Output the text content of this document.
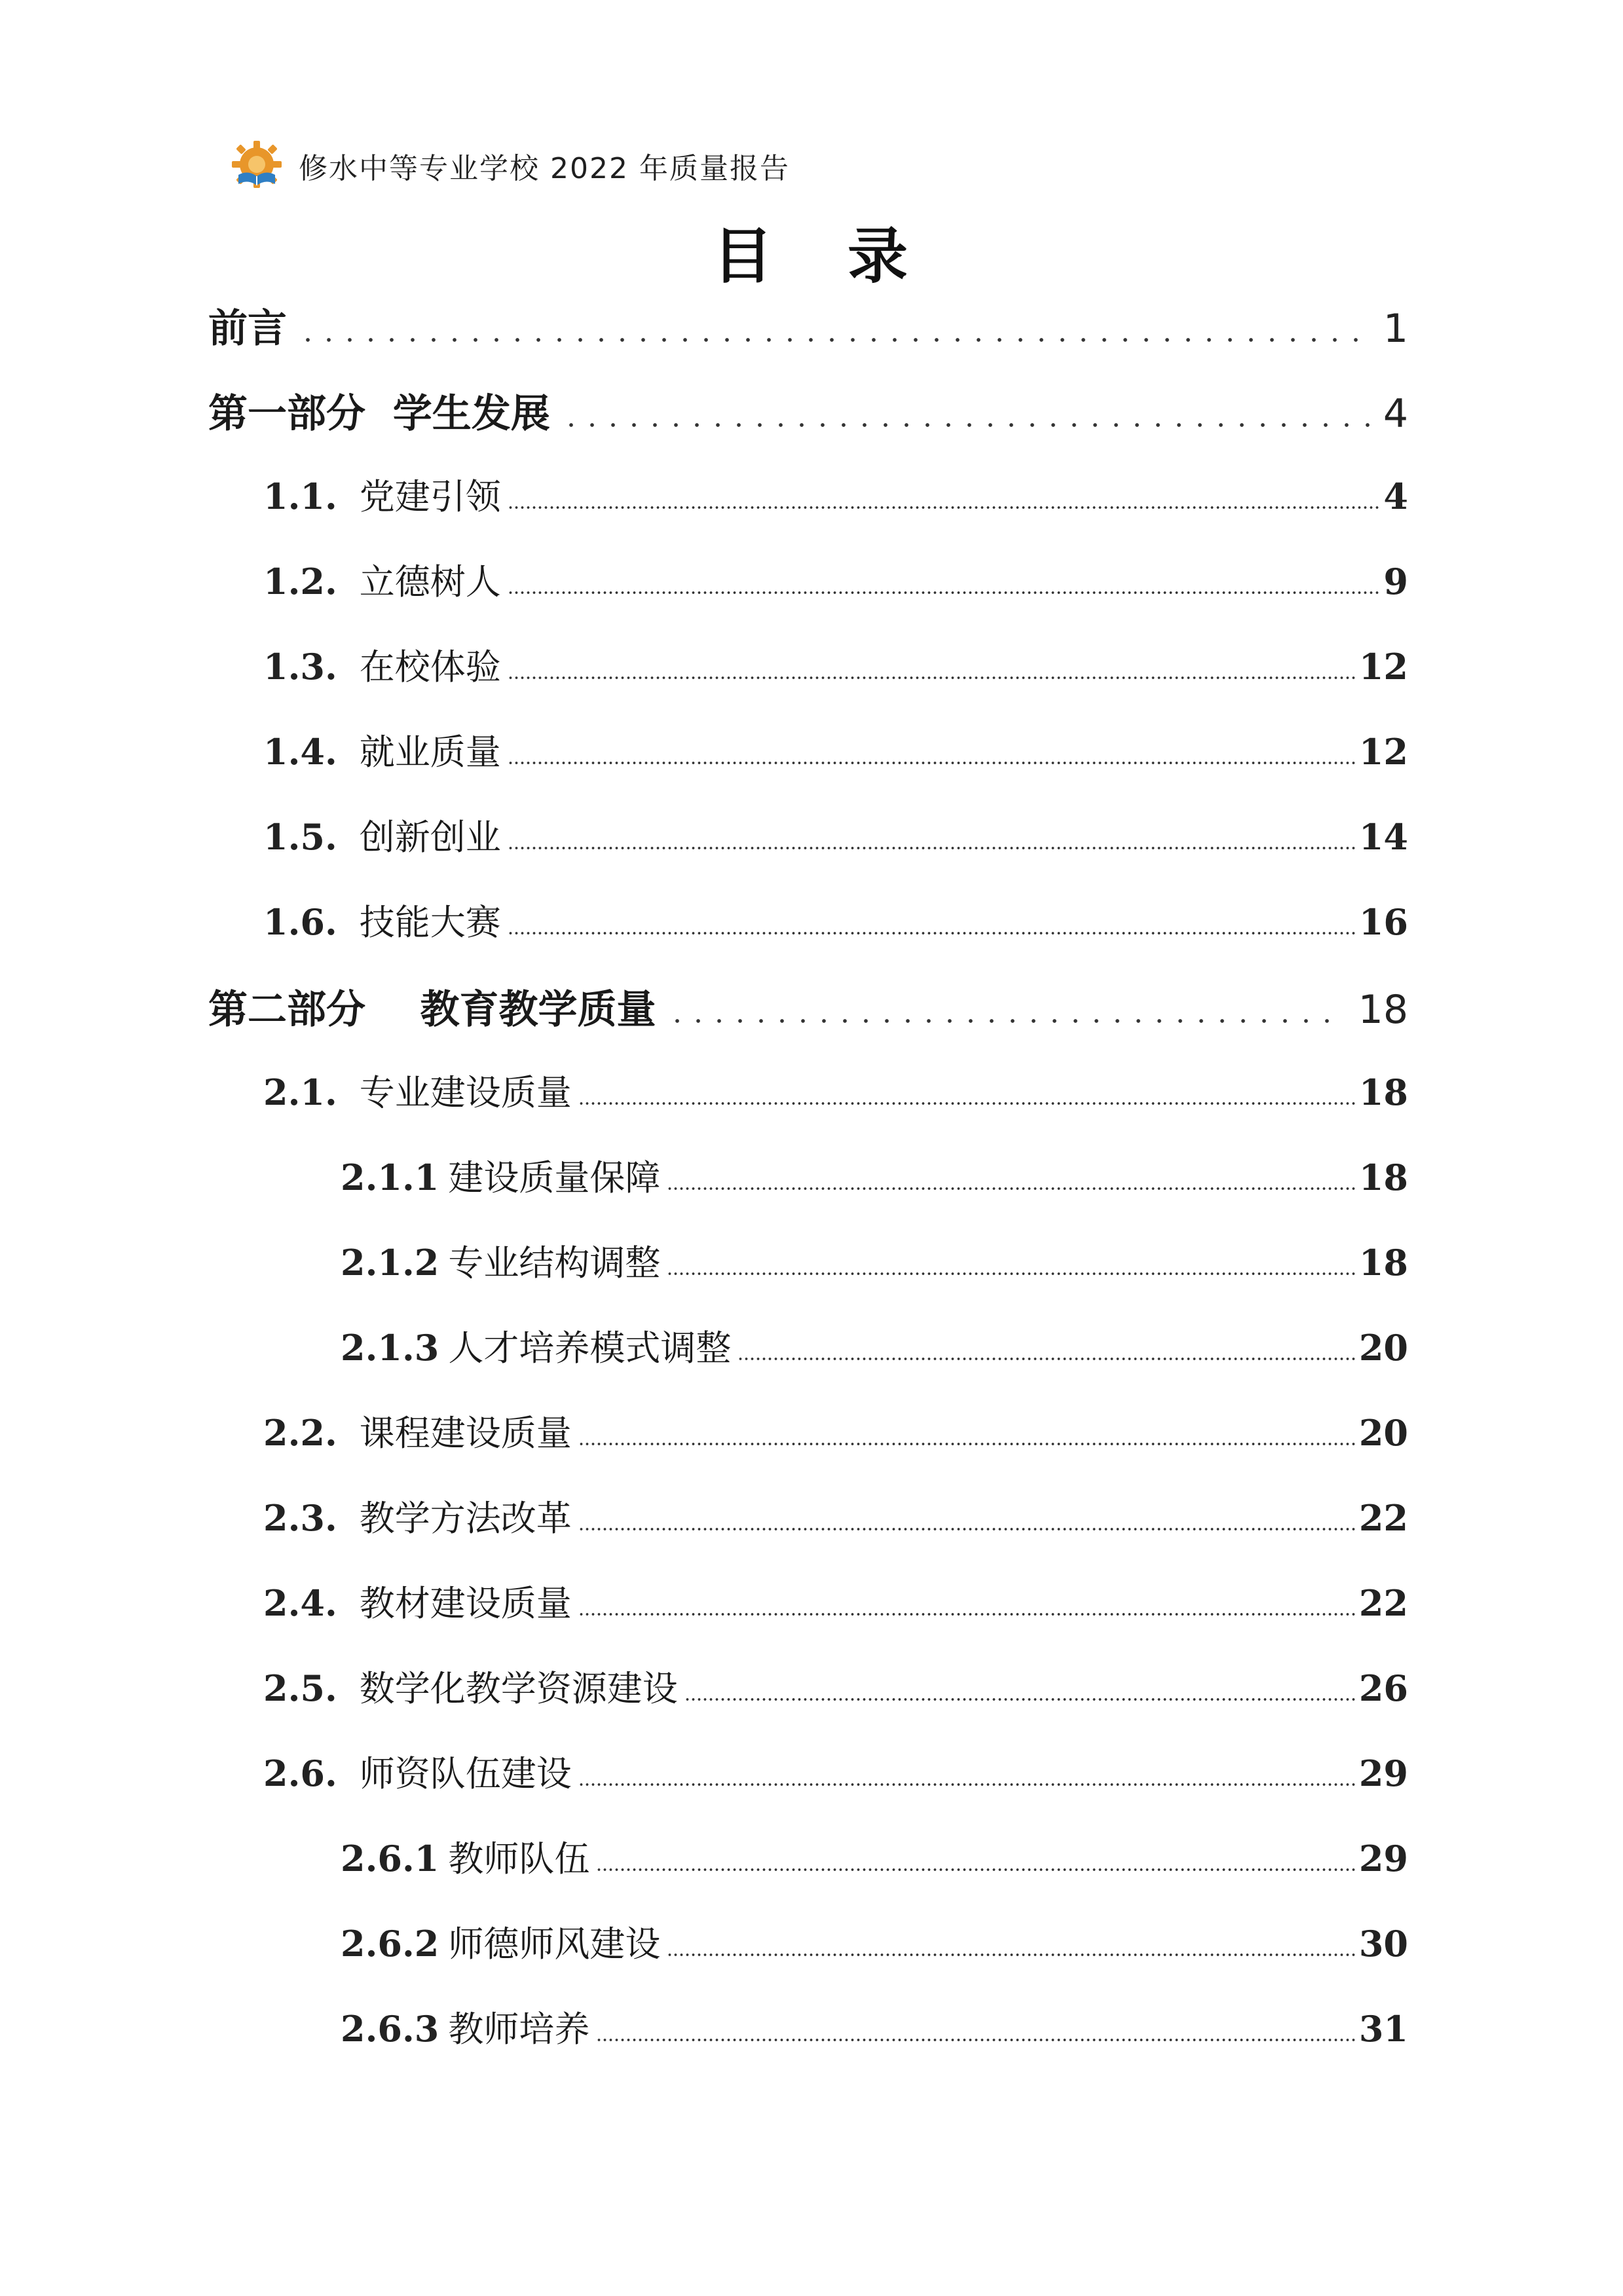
修水中等专业学校 2022 年质量报告
目 录
前言	1
第一部分  学生发展	4
1.1. 党建引领	4
1.2. 立德树人	9
1.3. 在校体验	12
1.4. 就业质量	12
1.5. 创新创业	14
1.6. 技能大赛	16
第二部分    教育教学质量	18
2.1. 专业建设质量	18
2.1.1 建设质量保障	18
2.1.2 专业结构调整	18
2.1.3 人才培养模式调整	20
2.2. 课程建设质量	20
2.3. 教学方法改革	22
2.4. 教材建设质量	22
2.5. 数学化教学资源建设	26
2.6. 师资队伍建设	29
2.6.1 教师队伍	29
2.6.2 师德师风建设	30
2.6.3 教师培养	31
